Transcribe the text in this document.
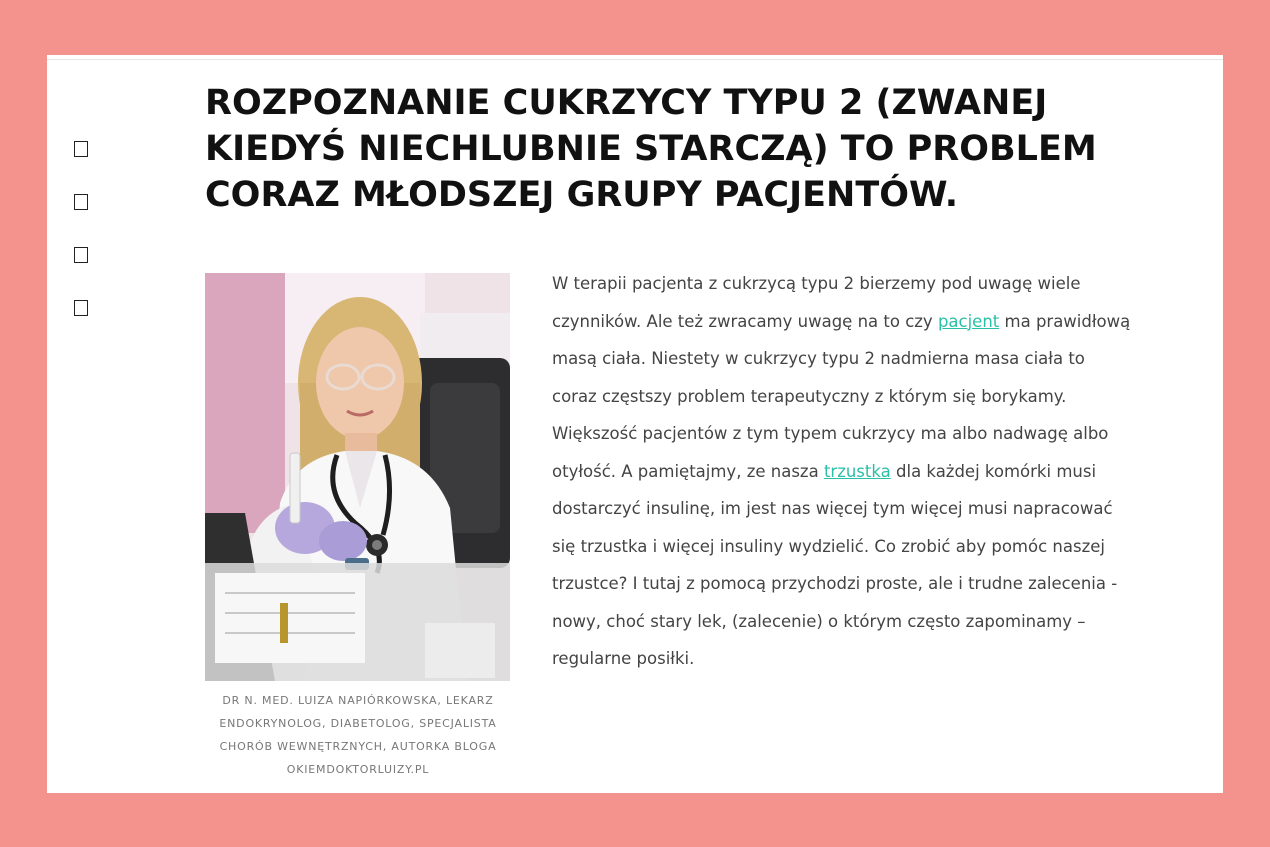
ROZPOZNANIE CUKRZYCY TYPU 2 (ZWANEJ KIEDYŚ NIECHLUBNIE STARCZĄ) TO PROBLEM CORAZ MŁODSZEJ GRUPY PACJENTÓW.

DR N. MED. LUIZA NAPIÓRKOWSKA, LEKARZ ENDOKRYNOLOG, DIABETOLOG, SPECJALISTA CHORÓB WEWNĘTRZNYCH, AUTORKA BLOGA OKIEMDOKTORLUIZY.PL

W terapii pacjenta z cukrzycą typu 2 bierzemy pod uwagę wiele czynników. Ale też zwracamy uwagę na to czy pacjent ma prawidłową masą ciała. Niestety w cukrzycy typu 2 nadmierna masa ciała to coraz częstszy problem terapeutyczny z którym się borykamy. Większość pacjentów z tym typem cukrzycy ma albo nadwagę albo otyłość. A pamiętajmy, ze nasza trzustka dla każdej komórki musi dostarczyć insulinę, im jest nas więcej tym więcej musi napracować się trzustka i więcej insuliny wydzielić. Co zrobić aby pomóc naszej trzustce? I tutaj z pomocą przychodzi proste, ale i trudne zalecenia -nowy, choć stary lek, (zalecenie) o którym często zapominamy – regularne posiłki.
